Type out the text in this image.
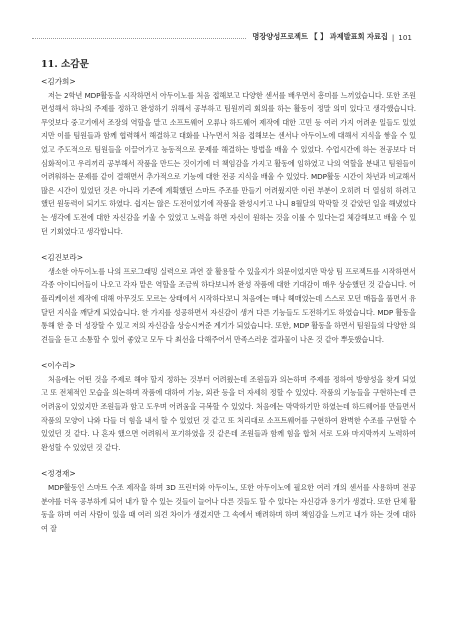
명장양성프로젝트 【 】 과제발표회 자료집 | 101
11. 소감문

<김가희>

저는 2학년 MDP활동을 시작하면서 아두이노를 처음 접해보고 다양한 센서를 배우면서 흥미를 느끼었습니다. 또한 조원 편성해서 하나의 주제를 정하고 완성하기 위해서 공부하고 팀원끼리 회의를 하는 활동이 정말 의미 있다고 생각했습니다. 무엇보다 중고기에서 조장의 역할을 맡고 소프트웨어 오류나 하드웨어 제작에 대한 고민 등 여러 가지 어려운 일들도 있었지만 이를 팀원들과 함께 협력해서 해결하고 대화를 나누면서 처음 접해보는 센서나 아두이노에 대해서 지식을 쌓을 수 있었고 주도적으로 팀원들을 이끌어가고 능동적으로 문제를 해결하는 방법을 배울 수 있었다. 수업시간에 하는 전공보다 더 심화적이고 우리끼리 공부해서 작품을 만드는 것이기에 더 책임감을 가지고 활동에 임하였고 나의 역할을 분내고 팀원들이 어려워하는 문제를 같이 결해면서 추가적으로 기능에 대한 전공 지식을 배울 수 있었다. MDP활동 시간이 차년과 비교해서 많은 시간이 있었던 것은 아니라 기존에 계획했던 스마트 주조를 만들기 어려웠지만 이런 부분이 오히려 더 열심히 하려고 했던 원동력이 되기도 하였다. 쉽지는 않은 도전이었기에 작품을 완성시키고 나니 8월달의 막막할 것 같았던 일을 해냈었다는 생각에 도전에 대한 자신감을 키울 수 있었고 노력을 하면 자신이 원하는 것을 이룰 수 있다는걸 체감해보고 배울 수 있던 기회였다고 생각합니다.

<김진보라>

생소한 아두이노를 나의 프로그래밍 실력으로 과연 잘 활용할 수 있을지가 의문이었지만 막상 팀 프로젝트를 시작하면서 각종 아이디어들이 나오고 각자 맡은 역할을 조금씩 하다보니까 완성 작품에 대한 기대감이 매우 상승했던 것 같습니다. 어플리케이션 제작에 대해 아무것도 모르는 상태에서 시작하다보니 처음에는 매나 헤매었는데 스스로 모던 매듭을 풀면서 유달던 지식을 깨닫게 되었습니다. 한 가지를 성공하면서 자신감이 생겨 다른 기능들도 도전하기도 하였습니다. MDP 활동을 통해 한 층 더 성장할 수 있고 저의 자신감을 상승시켜준 계기가 되었습니다. 또한, MDP 활동을 하면서 팀원들의 다양한 의견들을 듣고 소통할 수 있어 좋았고 모두 다 최선을 다해주어서 만족스러운 결과물이 나온 것 같아 뿌듯했습니다.

<이수리>

처음에는 어떤 것을 주제로 해야 할지 정하는 것부터 어려웠는데 조원들과 의논하며 주제를 정하여 방향성을 찾게 되었고 또 전체적인 모습을 의논하며 작품에 대하여 기능, 외관 등을 더 자세히 정할 수 있었다. 작품의 기능들을 구현하는데 큰 어려움이 있었지만 조원들과 함고 도우며 어려움을 극복할 수 있었다. 처음에는 막막하기만 하였는데 하드웨어를 만들면서 작품의 모양이 나와 다들 더 힘을 내서 할 수 있었던 것 같고 또 처리대로 소프트웨어를 구현하여 완벽한 수조를 구현할 수 있었던 것 같다. 나 혼자 했으면 어려워서 포기하였을 것 같은데 조원들과 함께 힘을 합쳐 서로 도와 마지막까지 노력하여 완성할 수 있었던 것 같다.

<정경재>

MDP활동인 스마트 수조 제작을 하며 3D 프린터와 아두이노, 또한 아두이노에 필요한 여러 개의 센서를 사용하며 전공 분야를 더욱 공부하게 되어 내가 할 수 있는 것들이 늘어나 다른 것들도 할 수 있다는 자신감과 용기가 생겼다. 또한 단체 활동을 하며 여러 사람이 있을 때 여러 의견 차이가 생겼지만 그 속에서 배려하며 하며 책임감을 느끼고 내가 하는 것에 대하여 잘
